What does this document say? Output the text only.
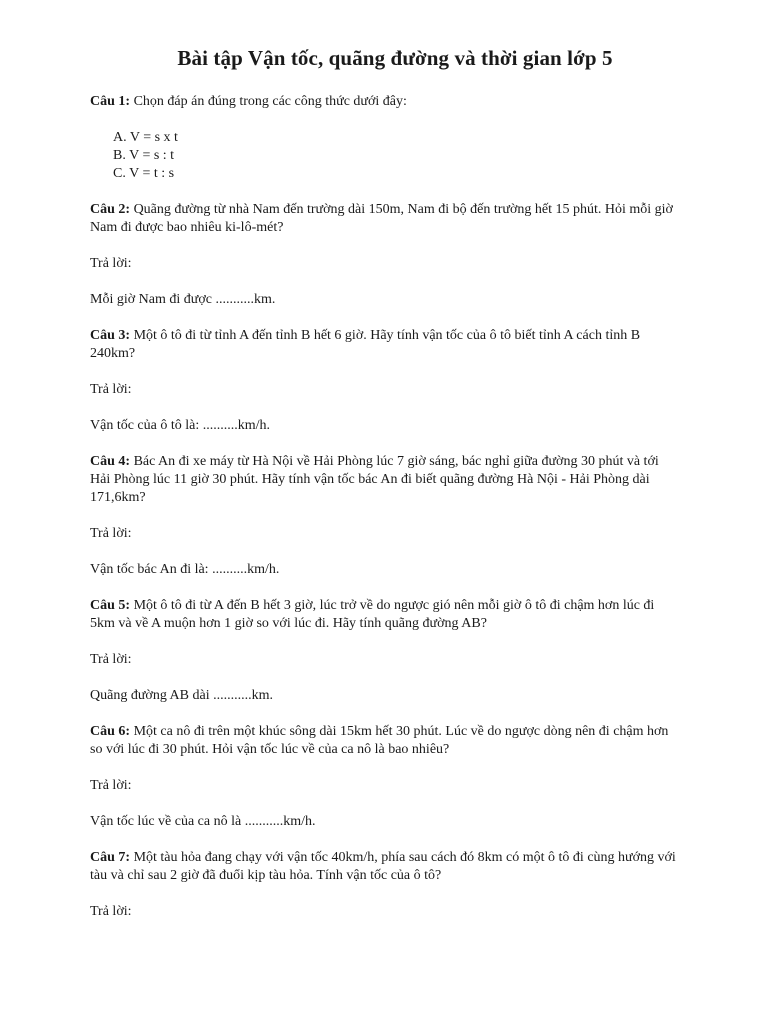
Bài tập Vận tốc, quãng đường và thời gian lớp 5

Câu 1: Chọn đáp án đúng trong các công thức dưới đây:

A. V = s x t
B. V = s : t
C. V = t : s

Câu 2: Quãng đường từ nhà Nam đến trường dài 150m, Nam đi bộ đến trường hết 15 phút. Hỏi mỗi giờ Nam đi được bao nhiêu ki-lô-mét?

Trả lời:

Mỗi giờ Nam đi được ...........km.

Câu 3: Một ô tô đi từ tỉnh A đến tỉnh B hết 6 giờ. Hãy tính vận tốc của ô tô biết tỉnh A cách tỉnh B 240km?

Trả lời:

Vận tốc của ô tô là: ..........km/h.

Câu 4: Bác An đi xe máy từ Hà Nội về Hải Phòng lúc 7 giờ sáng, bác nghỉ giữa đường 30 phút và tới Hải Phòng lúc 11 giờ 30 phút. Hãy tính vận tốc bác An đi biết quãng đường Hà Nội - Hải Phòng dài 171,6km?

Trả lời:

Vận tốc bác An đi là: ..........km/h.

Câu 5: Một ô tô đi từ A đến B hết 3 giờ, lúc trở về do ngược gió nên mỗi giờ ô tô đi chậm hơn lúc đi 5km và về A muộn hơn 1 giờ so với lúc đi. Hãy tính quãng đường AB?

Trả lời:

Quãng đường AB dài ...........km.

Câu 6: Một ca nô đi trên một khúc sông dài 15km hết 30 phút. Lúc về do ngược dòng nên đi chậm hơn so với lúc đi 30 phút. Hỏi vận tốc lúc về của ca nô là bao nhiêu?

Trả lời:

Vận tốc lúc về của ca nô là ...........km/h.

Câu 7: Một tàu hỏa đang chạy với vận tốc 40km/h, phía sau cách đó 8km có một ô tô đi cùng hướng với tàu và chỉ sau 2 giờ đã đuổi kịp tàu hỏa. Tính vận tốc của ô tô?

Trả lời:
